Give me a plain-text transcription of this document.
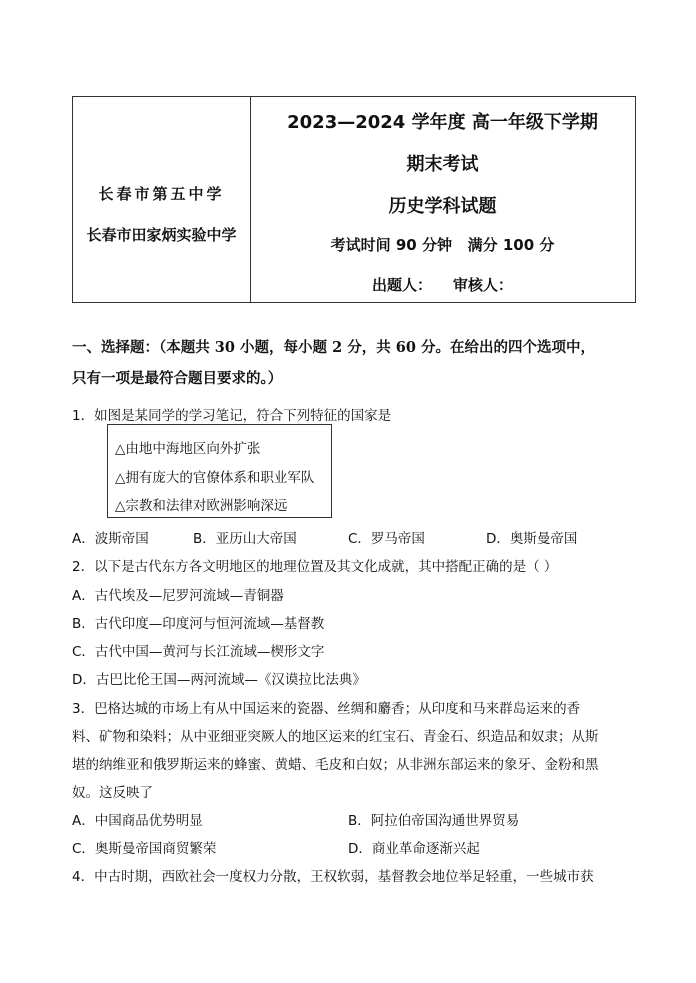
长春市第五中学
长春市田家炳实验中学
2023—2024 学年度 高一年级下学期
期末考试
历史学科试题
考试时间 90 分钟   满分 100 分
出题人：    审核人：
一、选择题：（本题共 30 小题，每小题 2 分，共 60 分。在给出的四个选项中，
只有一项是最符合题目要求的。）
1．如图是某同学的学习笔记，符合下列特征的国家是
△由地中海地区向外扩张
△拥有庞大的官僚体系和职业军队
△宗教和法律对欧洲影响深远
A．波斯帝国	B．亚历山大帝国	C．罗马帝国	D．奥斯曼帝国
2．以下是古代东方各文明地区的地理位置及其文化成就，其中搭配正确的是（ ）
A．古代埃及—尼罗河流域—青铜器
B．古代印度—印度河与恒河流域—基督教
C．古代中国—黄河与长江流域—楔形文字
D．古巴比伦王国—两河流域—《汉谟拉比法典》
3．巴格达城的市场上有从中国运来的瓷器、丝绸和麝香；从印度和马来群岛运来的香
料、矿物和染料；从中亚细亚突厥人的地区运来的红宝石、青金石、织造品和奴隶；从斯
堪的纳维亚和俄罗斯运来的蜂蜜、黄蜡、毛皮和白奴；从非洲东部运来的象牙、金粉和黑
奴。这反映了
A．中国商品优势明显	B．阿拉伯帝国沟通世界贸易
C．奥斯曼帝国商贸繁荣	D．商业革命逐渐兴起
4．中古时期，西欧社会一度权力分散，王权软弱，基督教会地位举足轻重，一些城市获
